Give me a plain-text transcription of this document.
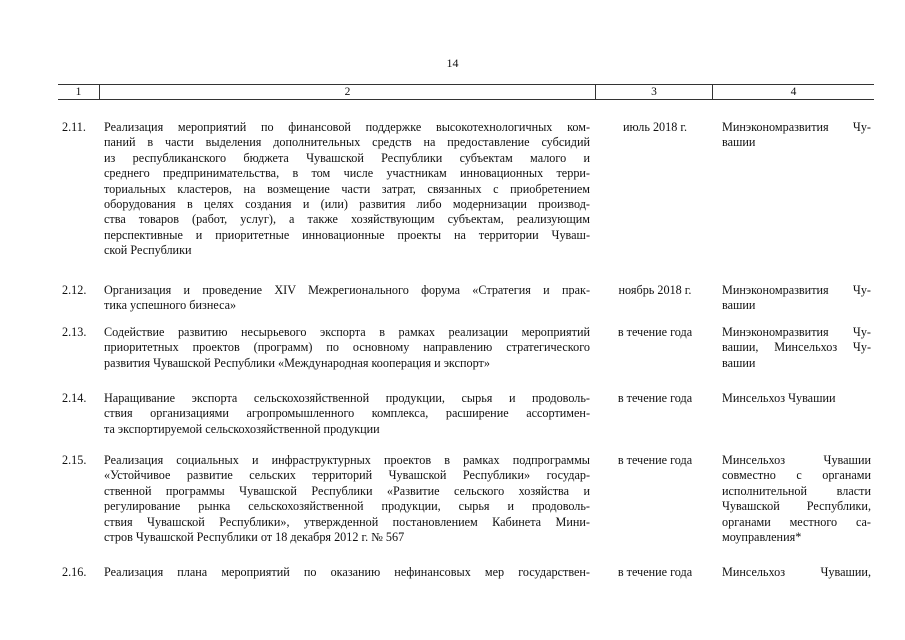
14
1	2	3	4
2.11. Реализация мероприятий по финансовой поддержке высокотехнологичных ком-
паний в части выделения дополнительных средств на предоставление субсидий
из республиканского бюджета Чувашской Республики субъектам малого и
среднего предпринимательства, в том числе участникам инновационных терри-
ториальных кластеров, на возмещение части затрат, связанных с приобретением
оборудования в целях создания и (или) развития либо модернизации производ-
ства товаров (работ, услуг), а также хозяйствующим субъектам, реализующим
перспективные и приоритетные инновационные проекты на территории Чуваш-
ской Республики
июль 2018 г.	Минэкономразвития Чу-
вашии
2.12. Организация и проведение XIV Межрегионального форума «Стратегия и прак-
тика успешного бизнеса»
ноябрь 2018 г.	Минэкономразвития Чу-
вашии
2.13. Содействие развитию несырьевого экспорта в рамках реализации мероприятий
приоритетных проектов (программ) по основному направлению стратегического
развития Чувашской Республики «Международная кооперация и экспорт»
в течение года	Минэкономразвития Чу-
вашии, Минсельхоз Чу-
вашии
2.14. Наращивание экспорта сельскохозяйственной продукции, сырья и продоволь-
ствия организациями агропромышленного комплекса, расширение ассортимен-
та экспортируемой сельскохозяйственной продукции
в течение года	Минсельхоз Чувашии
2.15. Реализация социальных и инфраструктурных проектов в рамках подпрограммы
«Устойчивое развитие сельских территорий Чувашской Республики» государ-
ственной программы Чувашской Республики «Развитие сельского хозяйства и
регулирование рынка сельскохозяйственной продукции, сырья и продоволь-
ствия Чувашской Республики», утвержденной постановлением Кабинета Мини-
стров Чувашской Республики от 18 декабря 2012 г. № 567
в течение года	Минсельхоз Чувашии
совместно с органами
исполнительной власти
Чувашской Республики,
органами местного са-
моуправления*
2.16. Реализация плана мероприятий по оказанию нефинансовых мер государствен-	в течение года	Минсельхоз Чувашии,
